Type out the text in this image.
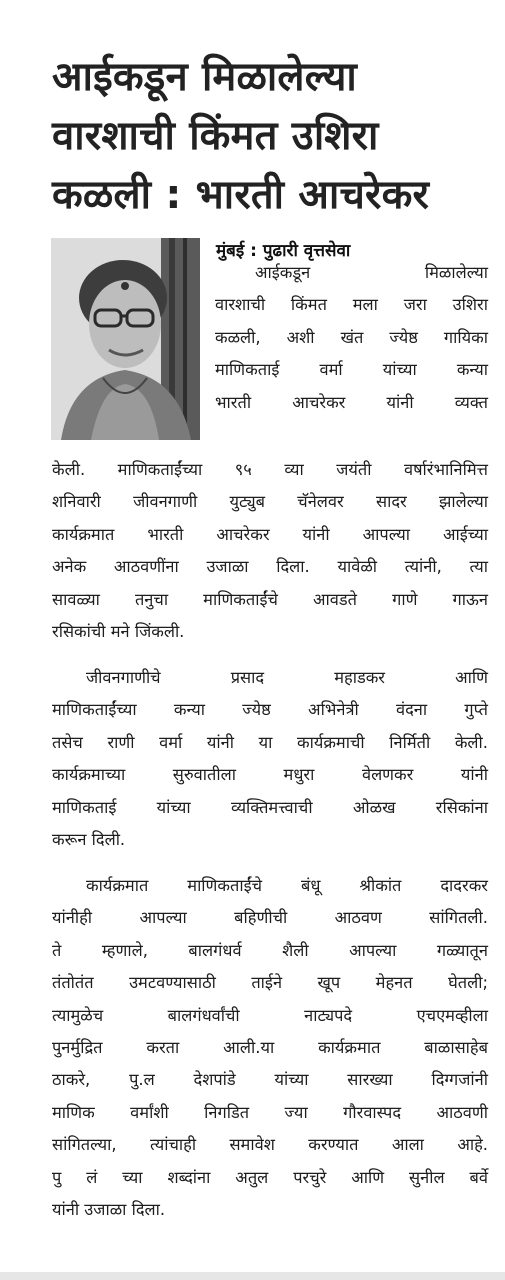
आईकडून मिळालेल्या
वारशाची किंमत उशिरा
कळली : भारती आचरेकर
मुंबई : पुढारी वृत्तसेवा
आईकडून मिळालेल्या
वारशाची किंमत मला जरा उशिरा
कळली, अशी खंत ज्येष्ठ गायिका
माणिकताई वर्मा यांच्या कन्या
भारती आचरेकर यांनी व्यक्त
केली. माणिकताईंच्या ९५ व्या जयंती वर्षारंभानिमित्त
शनिवारी जीवनगाणी युट्युब चॅनेलवर सादर झालेल्या
कार्यक्रमात भारती आचरेकर यांनी आपल्या आईच्या
अनेक आठवणींना उजाळा दिला. यावेळी त्यांनी, त्या
सावळ्या तनुचा माणिकताईंचे आवडते गाणे गाऊन
रसिकांची मने जिंकली.
जीवनगाणीचे प्रसाद महाडकर आणि
माणिकताईंच्या कन्या ज्येष्ठ अभिनेत्री वंदना गुप्ते
तसेच राणी वर्मा यांनी या कार्यक्रमाची निर्मिती केली.
कार्यक्रमाच्या सुरुवातीला मधुरा वेलणकर यांनी
माणिकताई यांच्या व्यक्तिमत्त्वाची ओळख रसिकांना
करून दिली.
कार्यक्रमात माणिकताईंचे बंधू श्रीकांत दादरकर
यांनीही आपल्या बहिणीची आठवण सांगितली.
ते म्हणाले, बालगंधर्व शैली आपल्या गळ्यातून
तंतोतंत उमटवण्यासाठी ताईने खूप मेहनत घेतली;
त्यामुळेच बालगंधर्वांची नाट्यपदे एचएमव्हीला
पुनर्मुद्रित करता आली.या कार्यक्रमात बाळासाहेब
ठाकरे, पु.ल देशपांडे यांच्या सारख्या दिग्गजांनी
माणिक वर्मांशी निगडित ज्या गौरवास्पद आठवणी
सांगितल्या, त्यांचाही समावेश करण्यात आला आहे.
पु लं च्या शब्दांना अतुल परचुरे आणि सुनील बर्वे
यांनी उजाळा दिला.
